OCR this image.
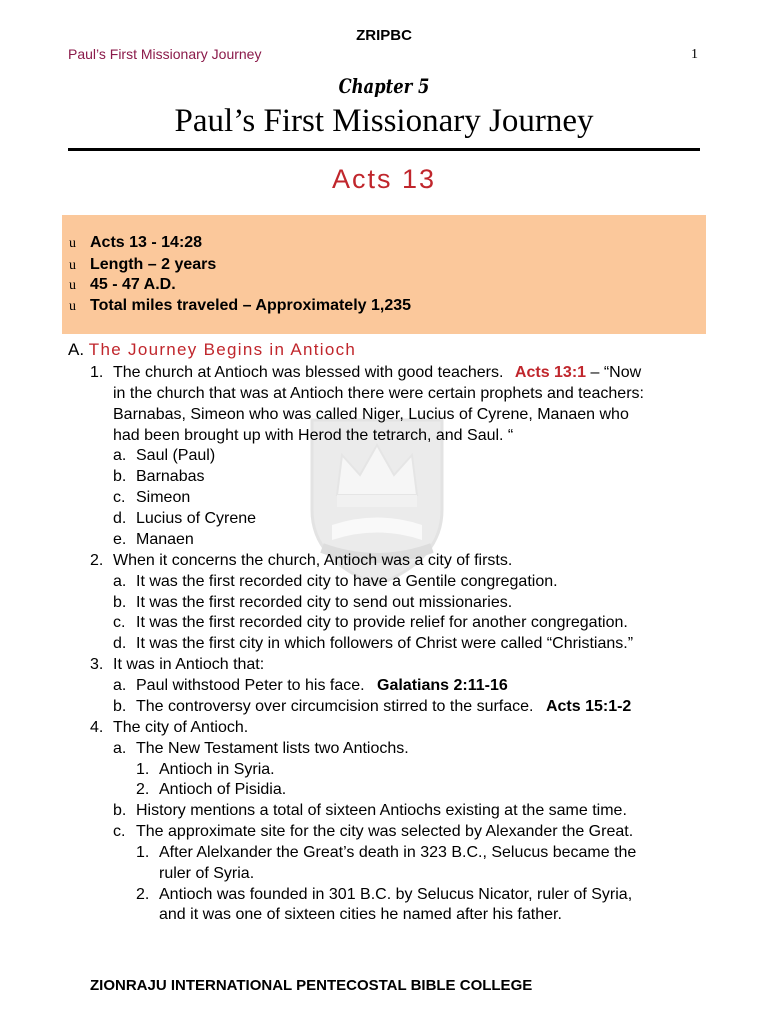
ZRIPBC
Paul’s First Missionary Journey	1
Chapter 5
Paul’s First Missionary Journey
Acts 13
u Acts 13 - 14:28
u Length – 2 years
u 45 - 47 A.D.
u Total miles traveled – Approximately 1,235
A. The Journey Begins in Antioch
1. The church at Antioch was blessed with good teachers. Acts 13:1 – “Now
in the church that was at Antioch there were certain prophets and teachers:
Barnabas, Simeon who was called Niger, Lucius of Cyrene, Manaen who
had been brought up with Herod the tetrarch, and Saul. “
a. Saul (Paul)
b. Barnabas
c. Simeon
d. Lucius of Cyrene
e. Manaen
2. When it concerns the church, Antioch was a city of firsts.
a. It was the first recorded city to have a Gentile congregation.
b. It was the first recorded city to send out missionaries.
c. It was the first recorded city to provide relief for another congregation.
d. It was the first city in which followers of Christ were called “Christians.”
3. It was in Antioch that:
a. Paul withstood Peter to his face. Galatians 2:11-16
b. The controversy over circumcision stirred to the surface. Acts 15:1-2
4. The city of Antioch.
a. The New Testament lists two Antiochs.
1. Antioch in Syria.
2. Antioch of Pisidia.
b. History mentions a total of sixteen Antiochs existing at the same time.
c. The approximate site for the city was selected by Alexander the Great.
1. After Alelxander the Great’s death in 323 B.C., Selucus became the
ruler of Syria.
2. Antioch was founded in 301 B.C. by Selucus Nicator, ruler of Syria,
and it was one of sixteen cities he named after his father.
ZIONRAJU INTERNATIONAL PENTECOSTAL BIBLE COLLEGE
